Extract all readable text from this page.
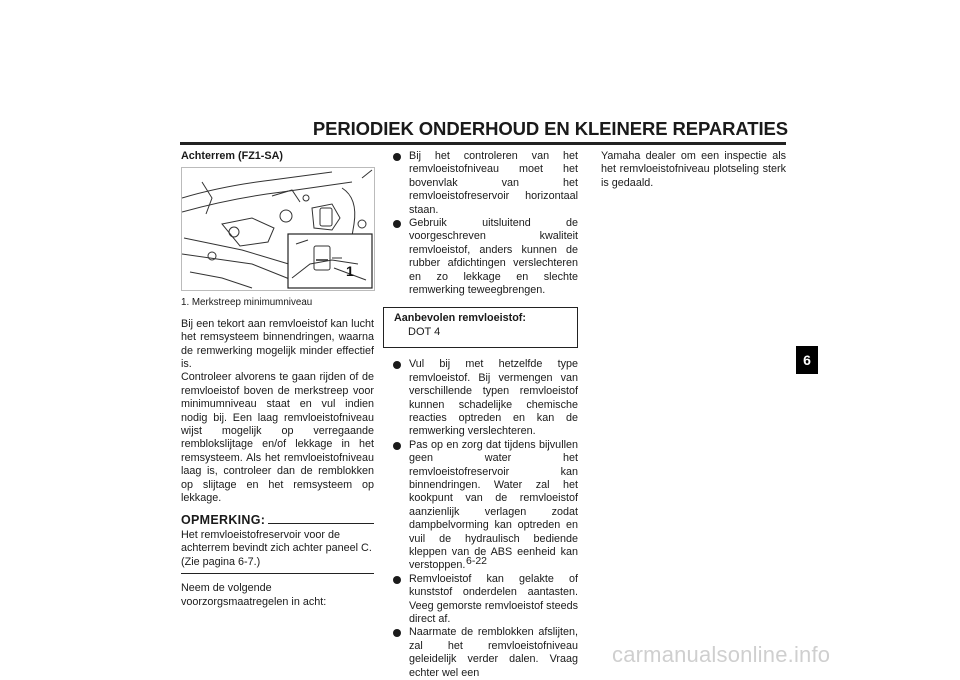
PERIODIEK ONDERHOUD EN KLEINERE REPARATIES
Achterrem (FZ1-SA)
1
1. Merkstreep minimumniveau
Bij een tekort aan remvloeistof kan lucht het remsysteem binnendringen, waarna de remwerking mogelijk minder effectief is.
Controleer alvorens te gaan rijden of de remvloeistof boven de merkstreep voor minimumniveau staat en vul indien nodig bij. Een laag remvloeistofniveau wijst mogelijk op verregaande remblokslijtage en/of lekkage in het remsysteem. Als het remvloeistofniveau laag is, controleer dan de remblokken op slijtage en het remsysteem op lekkage.
OPMERKING:
Het remvloeistofreservoir voor de achterrem bevindt zich achter paneel C. (Zie pagina 6-7.)
Neem de volgende voorzorgsmaatregelen in acht:
Bij het controleren van het remvloeistofniveau moet het bovenvlak van het remvloeistofreservoir horizontaal staan.
Gebruik uitsluitend de voorgeschreven kwaliteit remvloeistof, anders kunnen de rubber afdichtingen verslechteren en zo lekkage en slechte remwerking teweegbrengen.
Aanbevolen remvloeistof:
DOT 4
Vul bij met hetzelfde type remvloeistof. Bij vermengen van verschillende typen remvloeistof kunnen schadelijke chemische reacties optreden en kan de remwerking verslechteren.
Pas op en zorg dat tijdens bijvullen geen water het remvloeistofreservoir kan binnendringen. Water zal het kookpunt van de remvloeistof aanzienlijk verlagen zodat dampbelvorming kan optreden en vuil de hydraulisch bediende kleppen van de ABS eenheid kan verstoppen.
Remvloeistof kan gelakte of kunststof onderdelen aantasten. Veeg gemorste remvloeistof steeds direct af.
Naarmate de remblokken afslijten, zal het remvloeistofniveau geleidelijk verder dalen. Vraag echter wel een
Yamaha dealer om een inspectie als het remvloeistofniveau plotseling sterk is gedaald.
6-22
6
carmanualsonline.info
